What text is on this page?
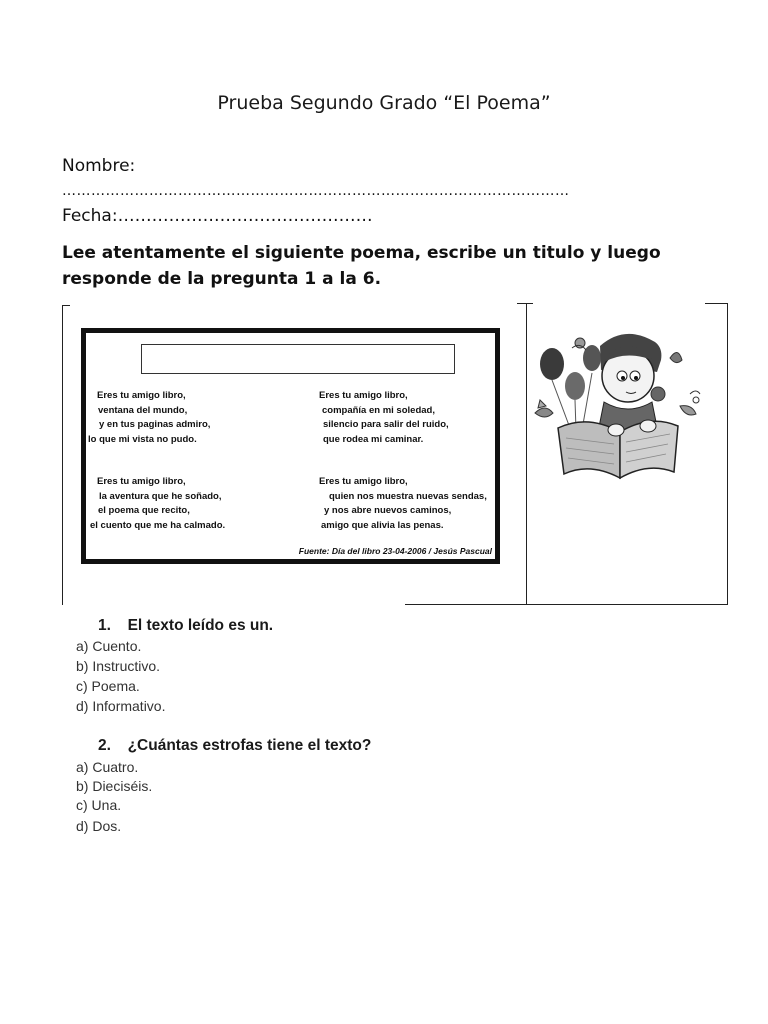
Prueba Segundo Grado “El Poema”
Nombre:
……………………………………………………………………………………………
Fecha:………………………………………
Lee atentamente el siguiente poema, escribe un titulo y luego responde de la pregunta 1 a la 6.
Eres tu amigo libro,
ventana del mundo,
y en tus paginas admiro,
lo que mi vista no pudo.
Eres tu amigo libro,
compañía en mi soledad,
silencio para salir del ruido,
que rodea mi caminar.
Eres tu amigo libro,
la aventura que he soñado,
el poema que recito,
el cuento que me ha calmado.
Eres tu amigo libro,
quien nos muestra nuevas sendas,
y nos abre nuevos caminos,
amigo que alivia las penas.
Fuente: Día del libro 23-04-2006 / Jesús Pascual
1. El texto leído es un.
a) Cuento.
b) Instructivo.
c) Poema.
d) Informativo.
2. ¿Cuántas estrofas tiene el texto?
a) Cuatro.
b) Dieciséis.
c) Una.
d) Dos.
